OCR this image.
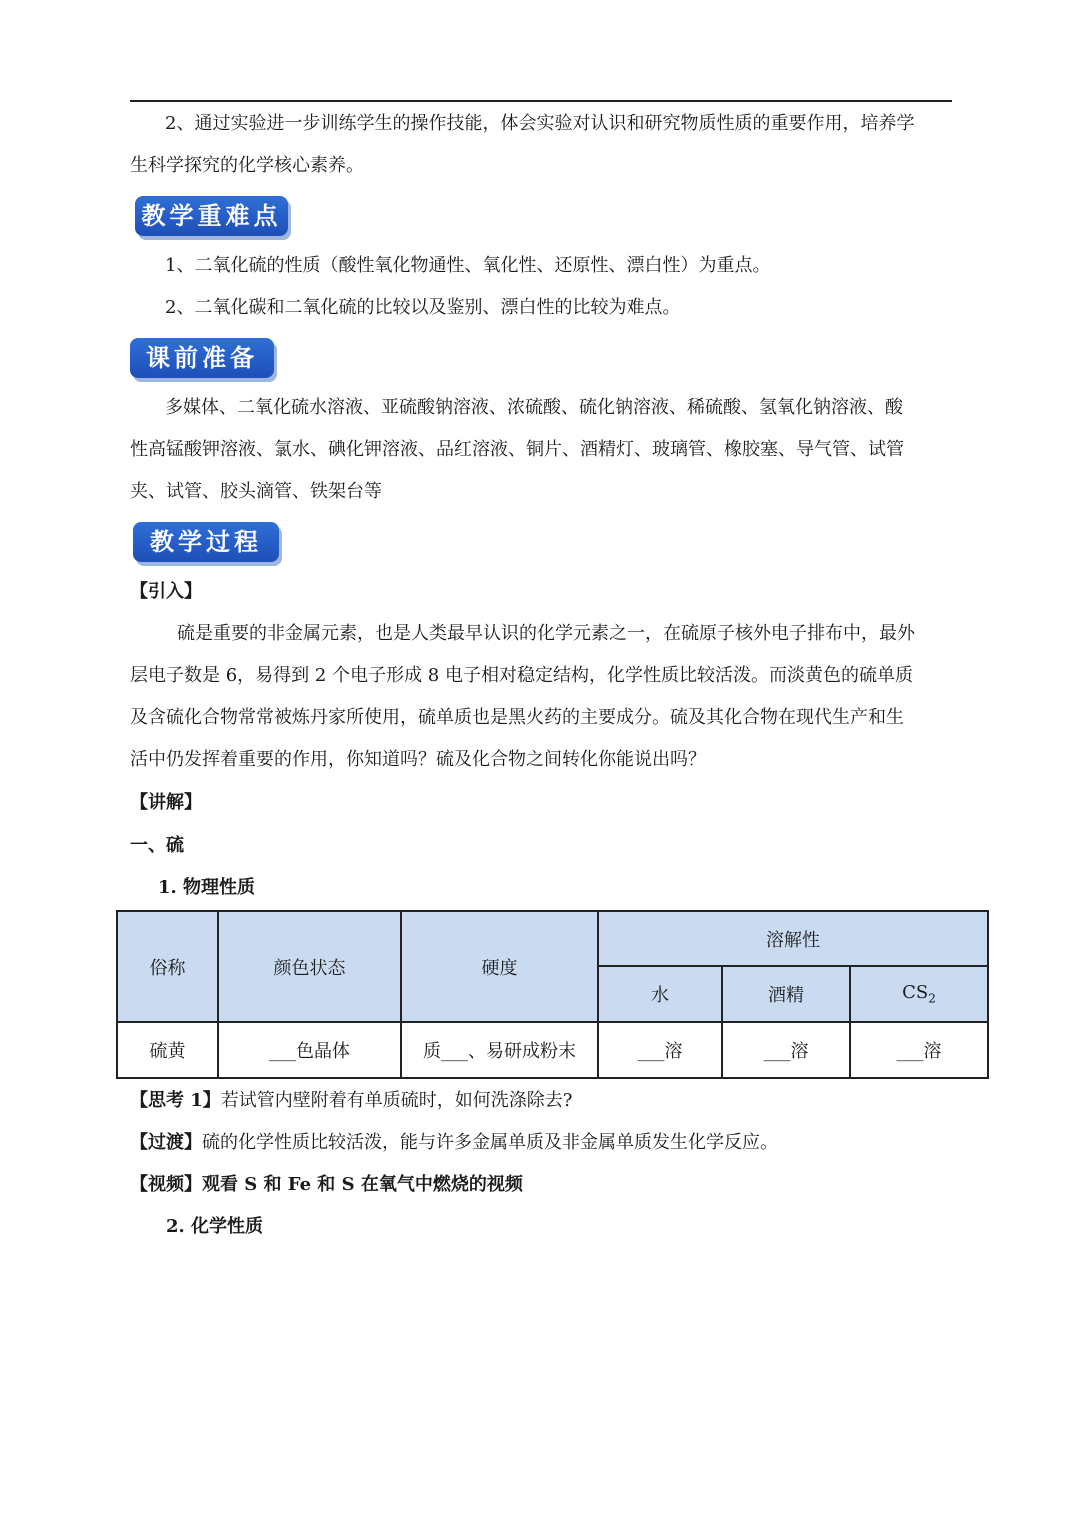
2、通过实验进一步训练学生的操作技能，体会实验对认识和研究物质性质的重要作用，培养学
生科学探究的化学核心素养。
教学重难点
1、二氧化硫的性质（酸性氧化物通性、氧化性、还原性、漂白性）为重点。
2、二氧化碳和二氧化硫的比较以及鉴别、漂白性的比较为难点。
课前准备
多媒体、二氧化硫水溶液、亚硫酸钠溶液、浓硫酸、硫化钠溶液、稀硫酸、氢氧化钠溶液、酸
性高锰酸钾溶液、氯水、碘化钾溶液、品红溶液、铜片、酒精灯、玻璃管、橡胶塞、导气管、试管
夹、试管、胶头滴管、铁架台等
教学过程
【引入】
硫是重要的非金属元素，也是人类最早认识的化学元素之一，在硫原子核外电子排布中，最外
层电子数是 6，易得到 2 个电子形成 8 电子相对稳定结构，化学性质比较活泼。而淡黄色的硫单质
及含硫化合物常常被炼丹家所使用，硫单质也是黑火药的主要成分。硫及其化合物在现代生产和生
活中仍发挥着重要的作用，你知道吗？硫及化合物之间转化你能说出吗？
【讲解】
一、硫
1. 物理性质
俗称	颜色状态	硬度	溶解性		
			水	酒精	$CS_2$
硫黄	___色晶体	质___、易研成粉末	___溶	___溶	___溶
【思考 1】若试管内壁附着有单质硫时，如何洗涤除去?
【过渡】硫的化学性质比较活泼，能与许多金属单质及非金属单质发生化学反应。
【视频】观看 S 和 Fe 和 S 在氧气中燃烧的视频
2. 化学性质
